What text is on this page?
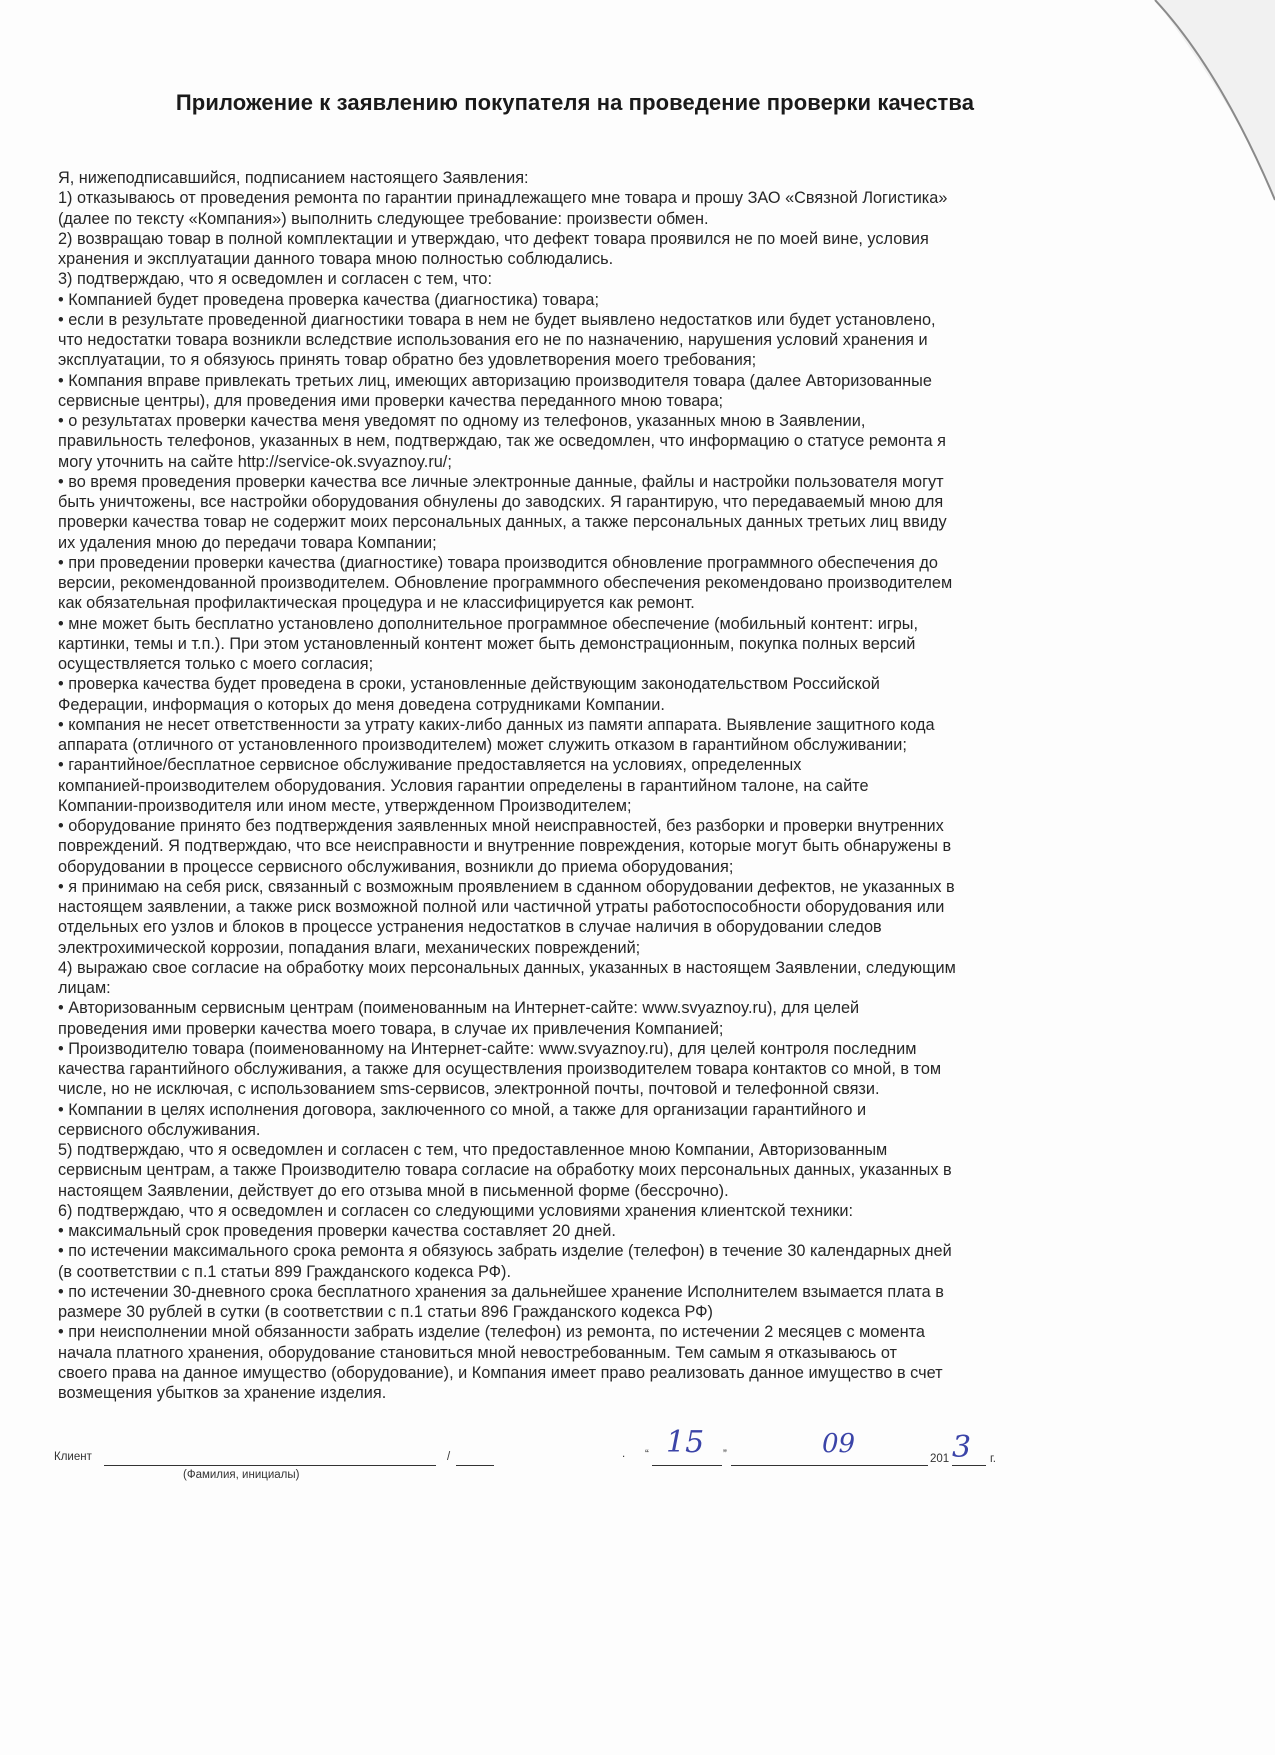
Приложение к заявлению покупателя на проведение проверки качества
Я, нижеподписавшийся, подписанием настоящего Заявления:
1) отказываюсь от проведения ремонта по гарантии принадлежащего мне товара и прошу ЗАО «Связной Логистика»
(далее по тексту «Компания») выполнить следующее требование: произвести обмен.
2) возвращаю товар в полной комплектации и утверждаю, что дефект товара проявился не по моей вине, условия
хранения и эксплуатации данного товара мною полностью соблюдались.
3) подтверждаю, что я осведомлен и согласен с тем, что:
• Компанией будет проведена проверка качества (диагностика) товара;
• если в результате проведенной диагностики товара в нем не будет выявлено недостатков или будет установлено,
что недостатки товара возникли вследствие использования его не по назначению, нарушения условий хранения и
эксплуатации, то я обязуюсь принять товар обратно без удовлетворения моего требования;
• Компания вправе привлекать третьих лиц, имеющих авторизацию производителя товара (далее Авторизованные
сервисные центры), для проведения ими проверки качества переданного мною товара;
• о результатах проверки качества меня уведомят по одному из телефонов, указанных мною в Заявлении,
правильность телефонов, указанных в нем, подтверждаю, так же осведомлен, что информацию о статусе ремонта я
могу уточнить на сайте http://service-ok.svyaznoy.ru/;
• во время проведения проверки качества все личные электронные данные, файлы и настройки пользователя могут
быть уничтожены, все настройки оборудования обнулены до заводских. Я гарантирую, что передаваемый мною для
проверки качества товар не содержит моих персональных данных, а также персональных данных третьих лиц ввиду
их удаления мною до передачи товара Компании;
• при проведении проверки качества (диагностике) товара производится обновление программного обеспечения до
версии, рекомендованной производителем. Обновление программного обеспечения рекомендовано производителем
как обязательная профилактическая процедура и не классифицируется как ремонт.
• мне может быть бесплатно установлено дополнительное программное обеспечение (мобильный контент: игры,
картинки, темы и т.п.). При этом установленный контент может быть демонстрационным, покупка полных версий
осуществляется только с моего согласия;
• проверка качества будет проведена в сроки, установленные действующим законодательством Российской
Федерации, информация о которых до меня доведена сотрудниками Компании.
• компания не несет ответственности за утрату каких-либо данных из памяти аппарата. Выявление защитного кода
аппарата (отличного от установленного производителем) может служить отказом в гарантийном обслуживании;
• гарантийное/бесплатное сервисное обслуживание предоставляется на условиях, определенных
компанией-производителем оборудования. Условия гарантии определены в гарантийном талоне, на сайте
Компании-производителя или ином месте, утвержденном Производителем;
• оборудование принято без подтверждения заявленных мной неисправностей, без разборки и проверки внутренних
повреждений. Я подтверждаю, что все неисправности и внутренние повреждения, которые могут быть обнаружены в
оборудовании в процессе сервисного обслуживания, возникли до приема оборудования;
• я принимаю на себя риск, связанный с возможным проявлением в сданном оборудовании дефектов, не указанных в
настоящем заявлении, а также риск возможной полной или частичной утраты работоспособности оборудования или
отдельных его узлов и блоков в процессе устранения недостатков в случае наличия в оборудовании следов
электрохимической коррозии, попадания влаги, механических повреждений;
4) выражаю свое согласие на обработку моих персональных данных, указанных в настоящем Заявлении, следующим
лицам:
• Авторизованным сервисным центрам (поименованным на Интернет-сайте: www.svyaznoy.ru), для целей
проведения ими проверки качества моего товара, в случае их привлечения Компанией;
• Производителю товара (поименованному на Интернет-сайте: www.svyaznoy.ru), для целей контроля последним
качества гарантийного обслуживания, а также для осуществления производителем товара контактов со мной, в том
числе, но не исключая, с использованием sms-сервисов, электронной почты, почтовой и телефонной связи.
• Компании в целях исполнения договора, заключенного со мной, а также для организации гарантийного и
сервисного обслуживания.
5) подтверждаю, что я осведомлен и согласен с тем, что предоставленное мною Компании, Авторизованным
сервисным центрам, а также Производителю товара согласие на обработку моих персональных данных, указанных в
настоящем Заявлении, действует до его отзыва мной в письменной форме (бессрочно).
6) подтверждаю, что я осведомлен и согласен со следующими условиями хранения клиентской техники:
• максимальный срок проведения проверки качества составляет 20 дней.
• по истечении максимального срока ремонта я обязуюсь забрать изделие (телефон) в течение 30 календарных дней
(в соответствии с п.1 статьи 899 Гражданского кодекса РФ).
• по истечении 30-дневного срока бесплатного хранения за дальнейшее хранение Исполнителем взымается плата в
размере 30 рублей в сутки (в соответствии с п.1 статьи 896 Гражданского кодекса РФ)
• при неисполнении мной обязанности забрать изделие (телефон) из ремонта, по истечении 2 месяцев с момента
начала платного хранения, оборудование становиться мной невостребованным. Тем самым я отказываюсь от
своего права на данное имущество (оборудование), и Компания имеет право реализовать данное имущество в счет
возмещения убытков за хранение изделия.
Клиент	/
(Фамилия, инициалы)
. “	”	201	г.
15	09	3
